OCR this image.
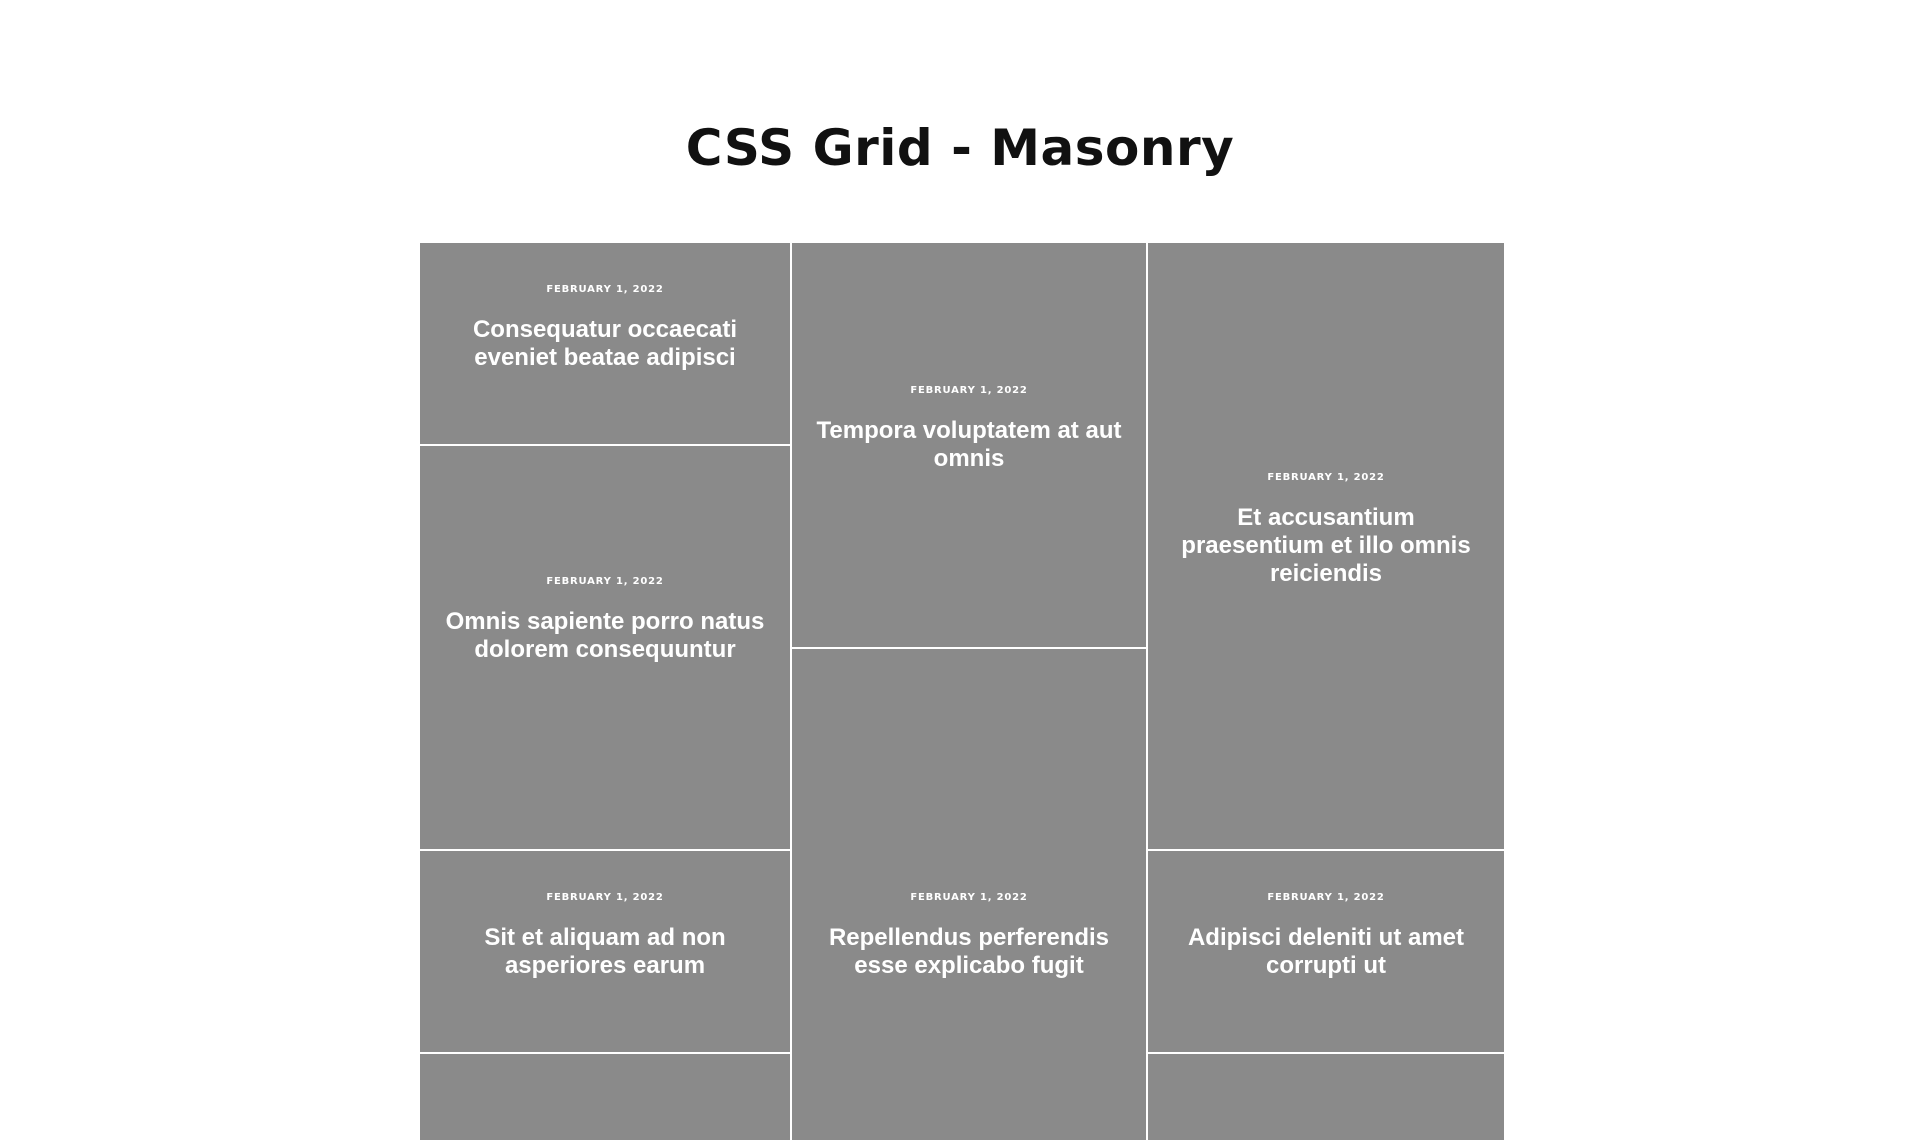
CSS Grid - Masonry
FEBRUARY 1, 2022
Consequatur occaecati eveniet beatae adipisci
FEBRUARY 1, 2022
Tempora voluptatem at aut omnis
FEBRUARY 1, 2022
Et accusantium praesentium et illo omnis reiciendis
FEBRUARY 1, 2022
Omnis sapiente porro natus dolorem consequuntur
FEBRUARY 1, 2022
Sit et aliquam ad non asperiores earum
FEBRUARY 1, 2022
Repellendus perferendis esse explicabo fugit
FEBRUARY 1, 2022
Adipisci deleniti ut amet corrupti ut
